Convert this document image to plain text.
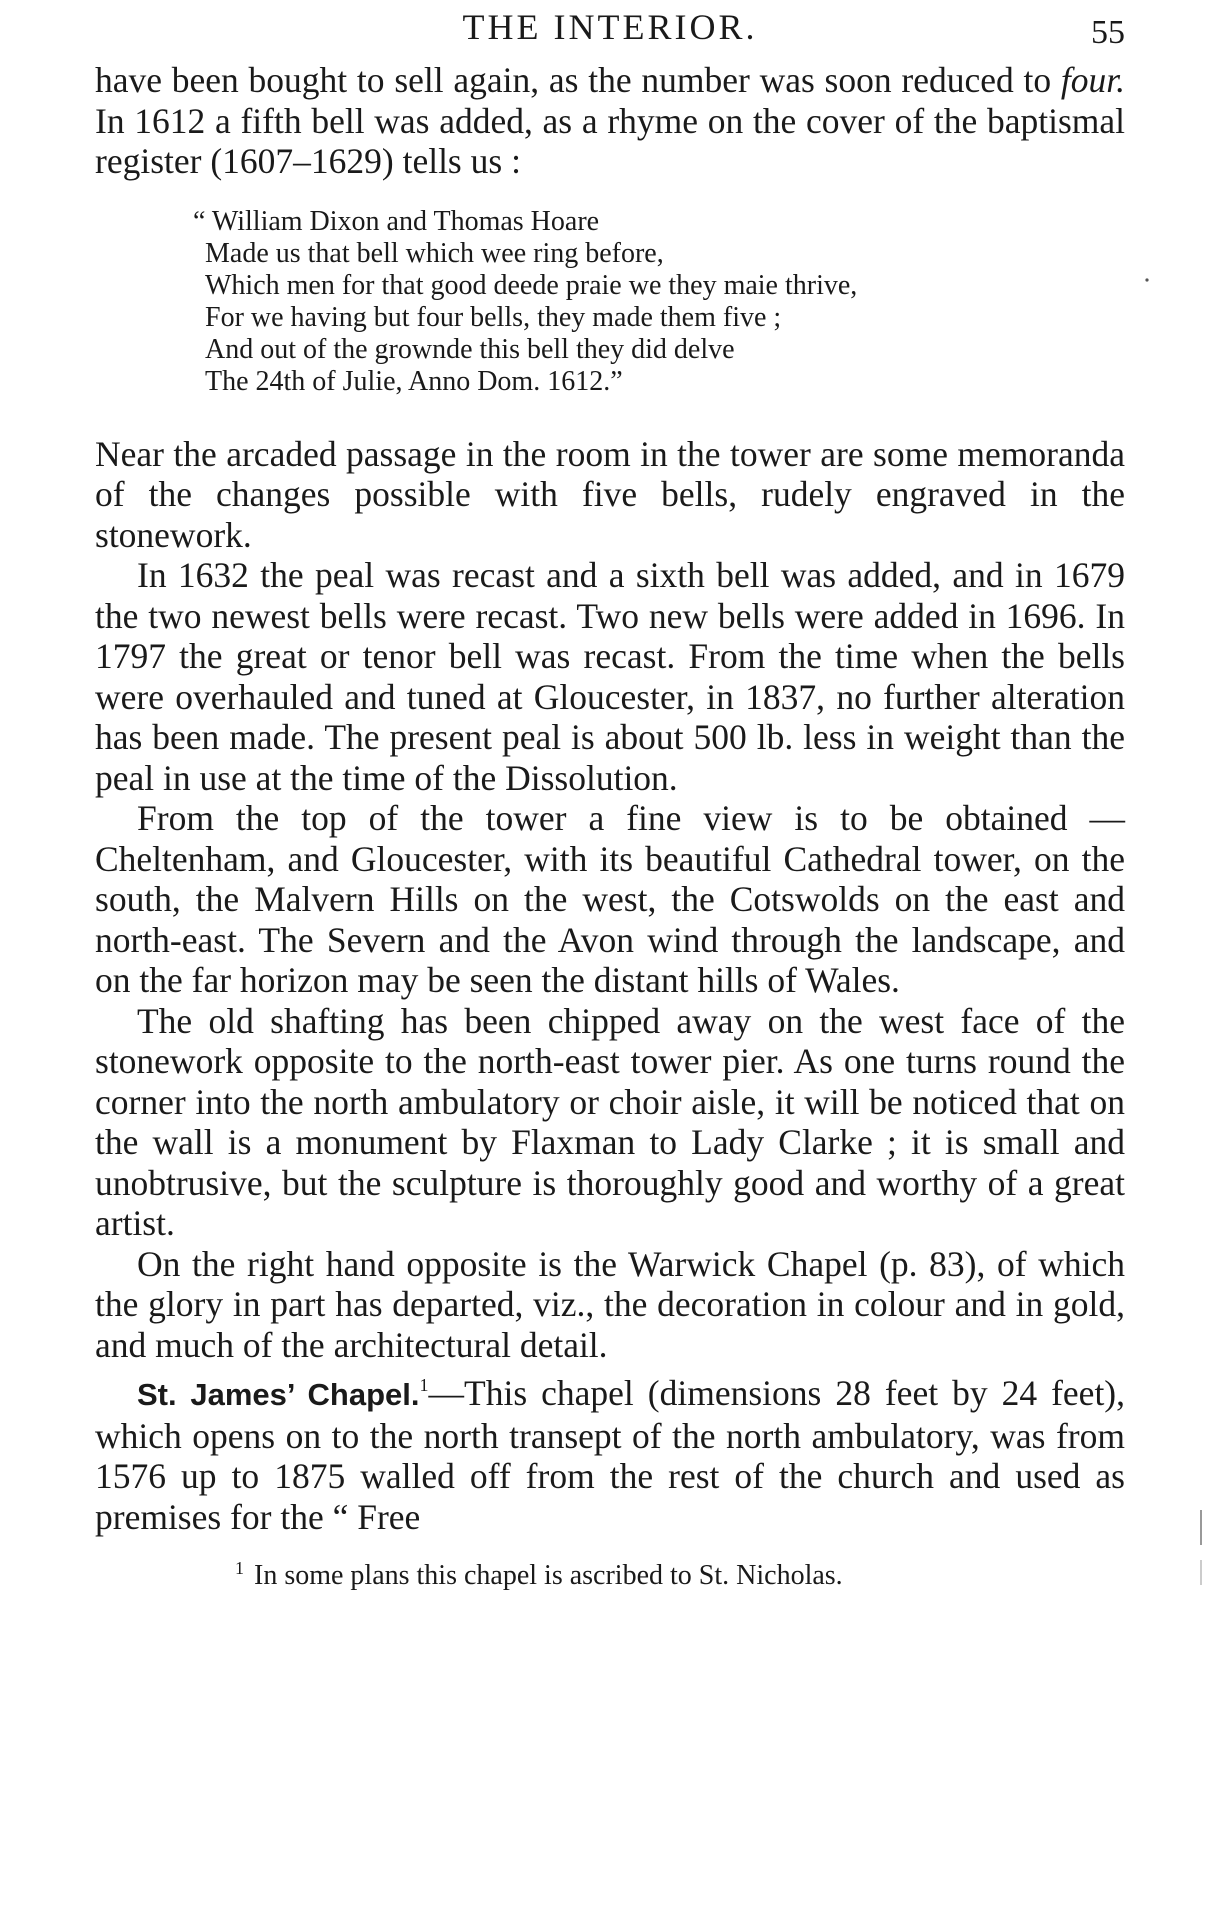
THE INTERIOR.	55

have been bought to sell again, as the number was soon reduced to four. In 1612 a fifth bell was added, as a rhyme on the cover of the baptismal register (1607–1629) tells us :

“ William Dixon and Thomas Hoare
Made us that bell which wee ring before,
Which men for that good deede praie we they maie thrive,
For we having but four bells, they made them five ;
And out of the grownde this bell they did delve
The 24th of Julie, Anno Dom. 1612.”

Near the arcaded passage in the room in the tower are some memoranda of the changes possible with five bells, rudely engraved in the stonework.

In 1632 the peal was recast and a sixth bell was added, and in 1679 the two newest bells were recast. Two new bells were added in 1696. In 1797 the great or tenor bell was recast. From the time when the bells were overhauled and tuned at Gloucester, in 1837, no further alteration has been made. The present peal is about 500 lb. less in weight than the peal in use at the time of the Dissolution.

From the top of the tower a fine view is to be obtained —Cheltenham, and Gloucester, with its beautiful Cathedral tower, on the south, the Malvern Hills on the west, the Cotswolds on the east and north-east. The Severn and the Avon wind through the landscape, and on the far horizon may be seen the distant hills of Wales.

The old shafting has been chipped away on the west face of the stonework opposite to the north-east tower pier. As one turns round the corner into the north ambulatory or choir aisle, it will be noticed that on the wall is a monument by Flaxman to Lady Clarke ; it is small and unobtrusive, but the sculpture is thoroughly good and worthy of a great artist.

On the right hand opposite is the Warwick Chapel (p. 83), of which the glory in part has departed, viz., the decoration in colour and in gold, and much of the architectural detail.

St. James’ Chapel.$^1$—This chapel (dimensions 28 feet by 24 feet), which opens on to the north transept of the north ambulatory, was from 1576 up to 1875 walled off from the rest of the church and used as premises for the “ Free

$^1$ In some plans this chapel is ascribed to St. Nicholas.
